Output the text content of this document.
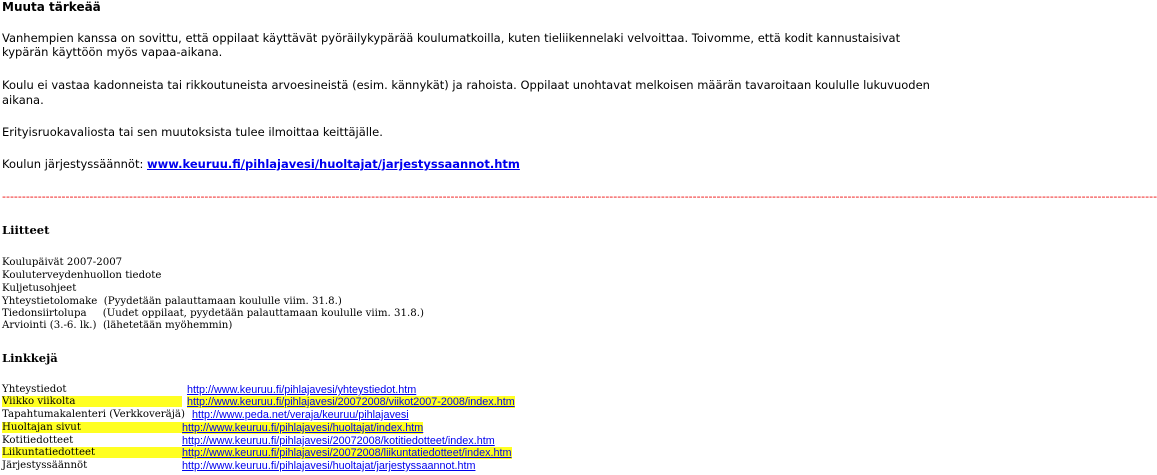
Muuta tärkeää
Vanhempien kanssa on sovittu, että oppilaat käyttävät pyöräilykypärää koulumatkoilla, kuten tieliikennelaki velvoittaa. Toivomme, että kodit kannustaisivat
kypärän käyttöön myös vapaa-aikana.
Koulu ei vastaa kadonneista tai rikkoutuneista arvoesineistä (esim. kännykät) ja rahoista. Oppilaat unohtavat melkoisen määrän tavaroitaan koululle lukuvuoden
aikana.
Erityisruokavaliosta tai sen muutoksista tulee ilmoittaa keittäjälle.
Koulun järjestyssäännöt: www.keuruu.fi/pihlajavesi/huoltajat/jarjestyssaannot.htm
---------------------------------------------------------------------------------------------------------------------------------------------------------------------------------------------------------------------------------------------------------------------------------------------------
Liitteet
Koulupäivät 2007-2007
Kouluterveydenhuollon tiedote
Kuljetusohjeet
Yhteystietolomake  (Pyydetään palauttamaan koululle viim. 31.8.)
Tiedonsiirtolupa     (Uudet oppilaat, pyydetään palauttamaan koululle viim. 31.8.)
Arviointi (3.-6. lk.)  (lähetetään myöhemmin)
Linkkejä
Yhteystiedot	http://www.keuruu.fi/pihlajavesi/yhteystiedot.htm
Viikko viikolta	http://www.keuruu.fi/pihlajavesi/20072008/viikot2007-2008/index.htm
Tapahtumakalenteri (Verkkoveräjä) http://www.peda.net/veraja/keuruu/pihlajavesi
Huoltajan sivut	http://www.keuruu.fi/pihlajavesi/huoltajat/index.htm
Kotitiedotteet	http://www.keuruu.fi/pihlajavesi/20072008/kotitiedotteet/index.htm
Liikuntatiedotteet	http://www.keuruu.fi/pihlajavesi/20072008/liikuntatiedotteet/index.htm
Järjestyssäännöt	http://www.keuruu.fi/pihlajavesi/huoltajat/jarjestyssaannot.htm
